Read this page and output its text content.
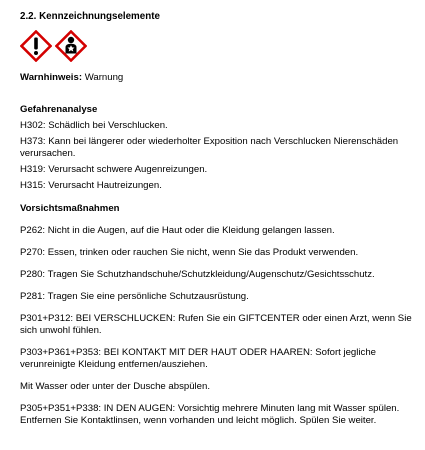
2.2. Kennzeichnungselemente
Warnhinweis: Warnung
Gefahrenanalyse
H302: Schädlich bei Verschlucken.
H373: Kann bei längerer oder wiederholter Exposition nach Verschlucken Nierenschäden verursachen.
H319: Verursacht schwere Augenreizungen.
H315: Verursacht Hautreizungen.
Vorsichtsmaßnahmen
P262: Nicht in die Augen, auf die Haut oder die Kleidung gelangen lassen.
P270: Essen, trinken oder rauchen Sie nicht, wenn Sie das Produkt verwenden.
P280: Tragen Sie Schutzhandschuhe/Schutzkleidung/Augenschutz/Gesichtsschutz.
P281: Tragen Sie eine persönliche Schutzausrüstung.
P301+P312: BEI VERSCHLUCKEN: Rufen Sie ein GIFTCENTER oder einen Arzt, wenn Sie sich unwohl fühlen.
P303+P361+P353: BEI KONTAKT MIT DER HAUT ODER HAAREN: Sofort jegliche verunreinigte Kleidung entfernen/ausziehen.
Mit Wasser oder unter der Dusche abspülen.
P305+P351+P338: IN DEN AUGEN: Vorsichtig mehrere Minuten lang mit Wasser spülen. Entfernen Sie Kontaktlinsen, wenn vorhanden und leicht möglich. Spülen Sie weiter.
